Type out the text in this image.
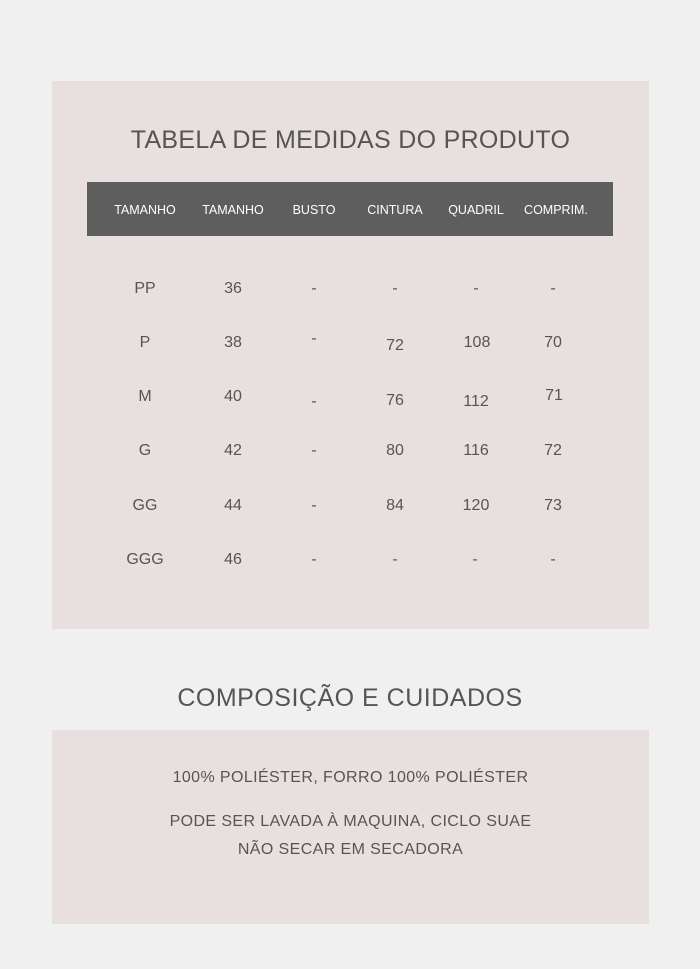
TABELA DE MEDIDAS DO PRODUTO
TAMANHO TAMANHO BUSTO	CINTURA QUADRIL COMPRIM.
PP	36	-	-	-	-
P	38	-	72	108	70
M	40	-	76	112	71
G	42	-	80	116	72
GG	44	-	84	120	73
GGG	46	-	-	-	-
COMPOSIÇÃO E CUIDADOS
100% POLIÉSTER, FORRO 100% POLIÉSTER
PODE SER LAVADA À MAQUINA, CICLO SUAE
NÃO SECAR EM SECADORA
